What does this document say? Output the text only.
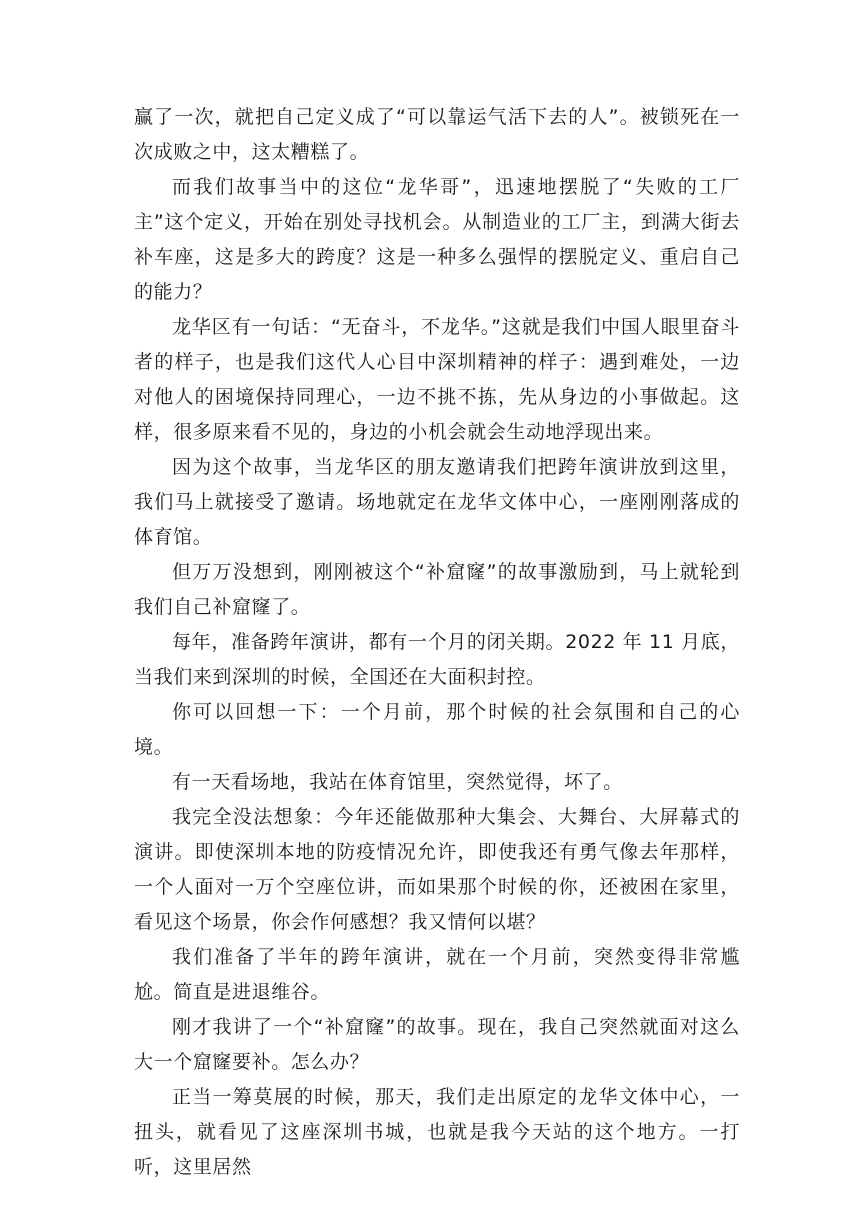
赢了一次，就把自己定义成了“可以靠运气活下去的人”。被锁死在一次成败之中，这太糟糕了。

而我们故事当中的这位“龙华哥”，迅速地摆脱了“失败的工厂主”这个定义，开始在别处寻找机会。从制造业的工厂主，到满大街去补车座，这是多大的跨度？这是一种多么强悍的摆脱定义、重启自己的能力？

龙华区有一句话：“无奋斗，不龙华。”这就是我们中国人眼里奋斗者的样子，也是我们这代人心目中深圳精神的样子：遇到难处，一边对他人的困境保持同理心，一边不挑不拣，先从身边的小事做起。这样，很多原来看不见的，身边的小机会就会生动地浮现出来。

因为这个故事，当龙华区的朋友邀请我们把跨年演讲放到这里，我们马上就接受了邀请。场地就定在龙华文体中心，一座刚刚落成的体育馆。

但万万没想到，刚刚被这个“补窟窿”的故事激励到，马上就轮到我们自己补窟窿了。

每年，准备跨年演讲，都有一个月的闭关期。2022 年 11 月底，当我们来到深圳的时候，全国还在大面积封控。

你可以回想一下：一个月前，那个时候的社会氛围和自己的心境。

有一天看场地，我站在体育馆里，突然觉得，坏了。

我完全没法想象：今年还能做那种大集会、大舞台、大屏幕式的演讲。即使深圳本地的防疫情况允许，即使我还有勇气像去年那样，一个人面对一万个空座位讲，而如果那个时候的你，还被困在家里，看见这个场景，你会作何感想？我又情何以堪？

我们准备了半年的跨年演讲，就在一个月前，突然变得非常尴尬。简直是进退维谷。

刚才我讲了一个“补窟窿”的故事。现在，我自己突然就面对这么大一个窟窿要补。怎么办？

正当一筹莫展的时候，那天，我们走出原定的龙华文体中心，一扭头，就看见了这座深圳书城，也就是我今天站的这个地方。一打听，这里居然
